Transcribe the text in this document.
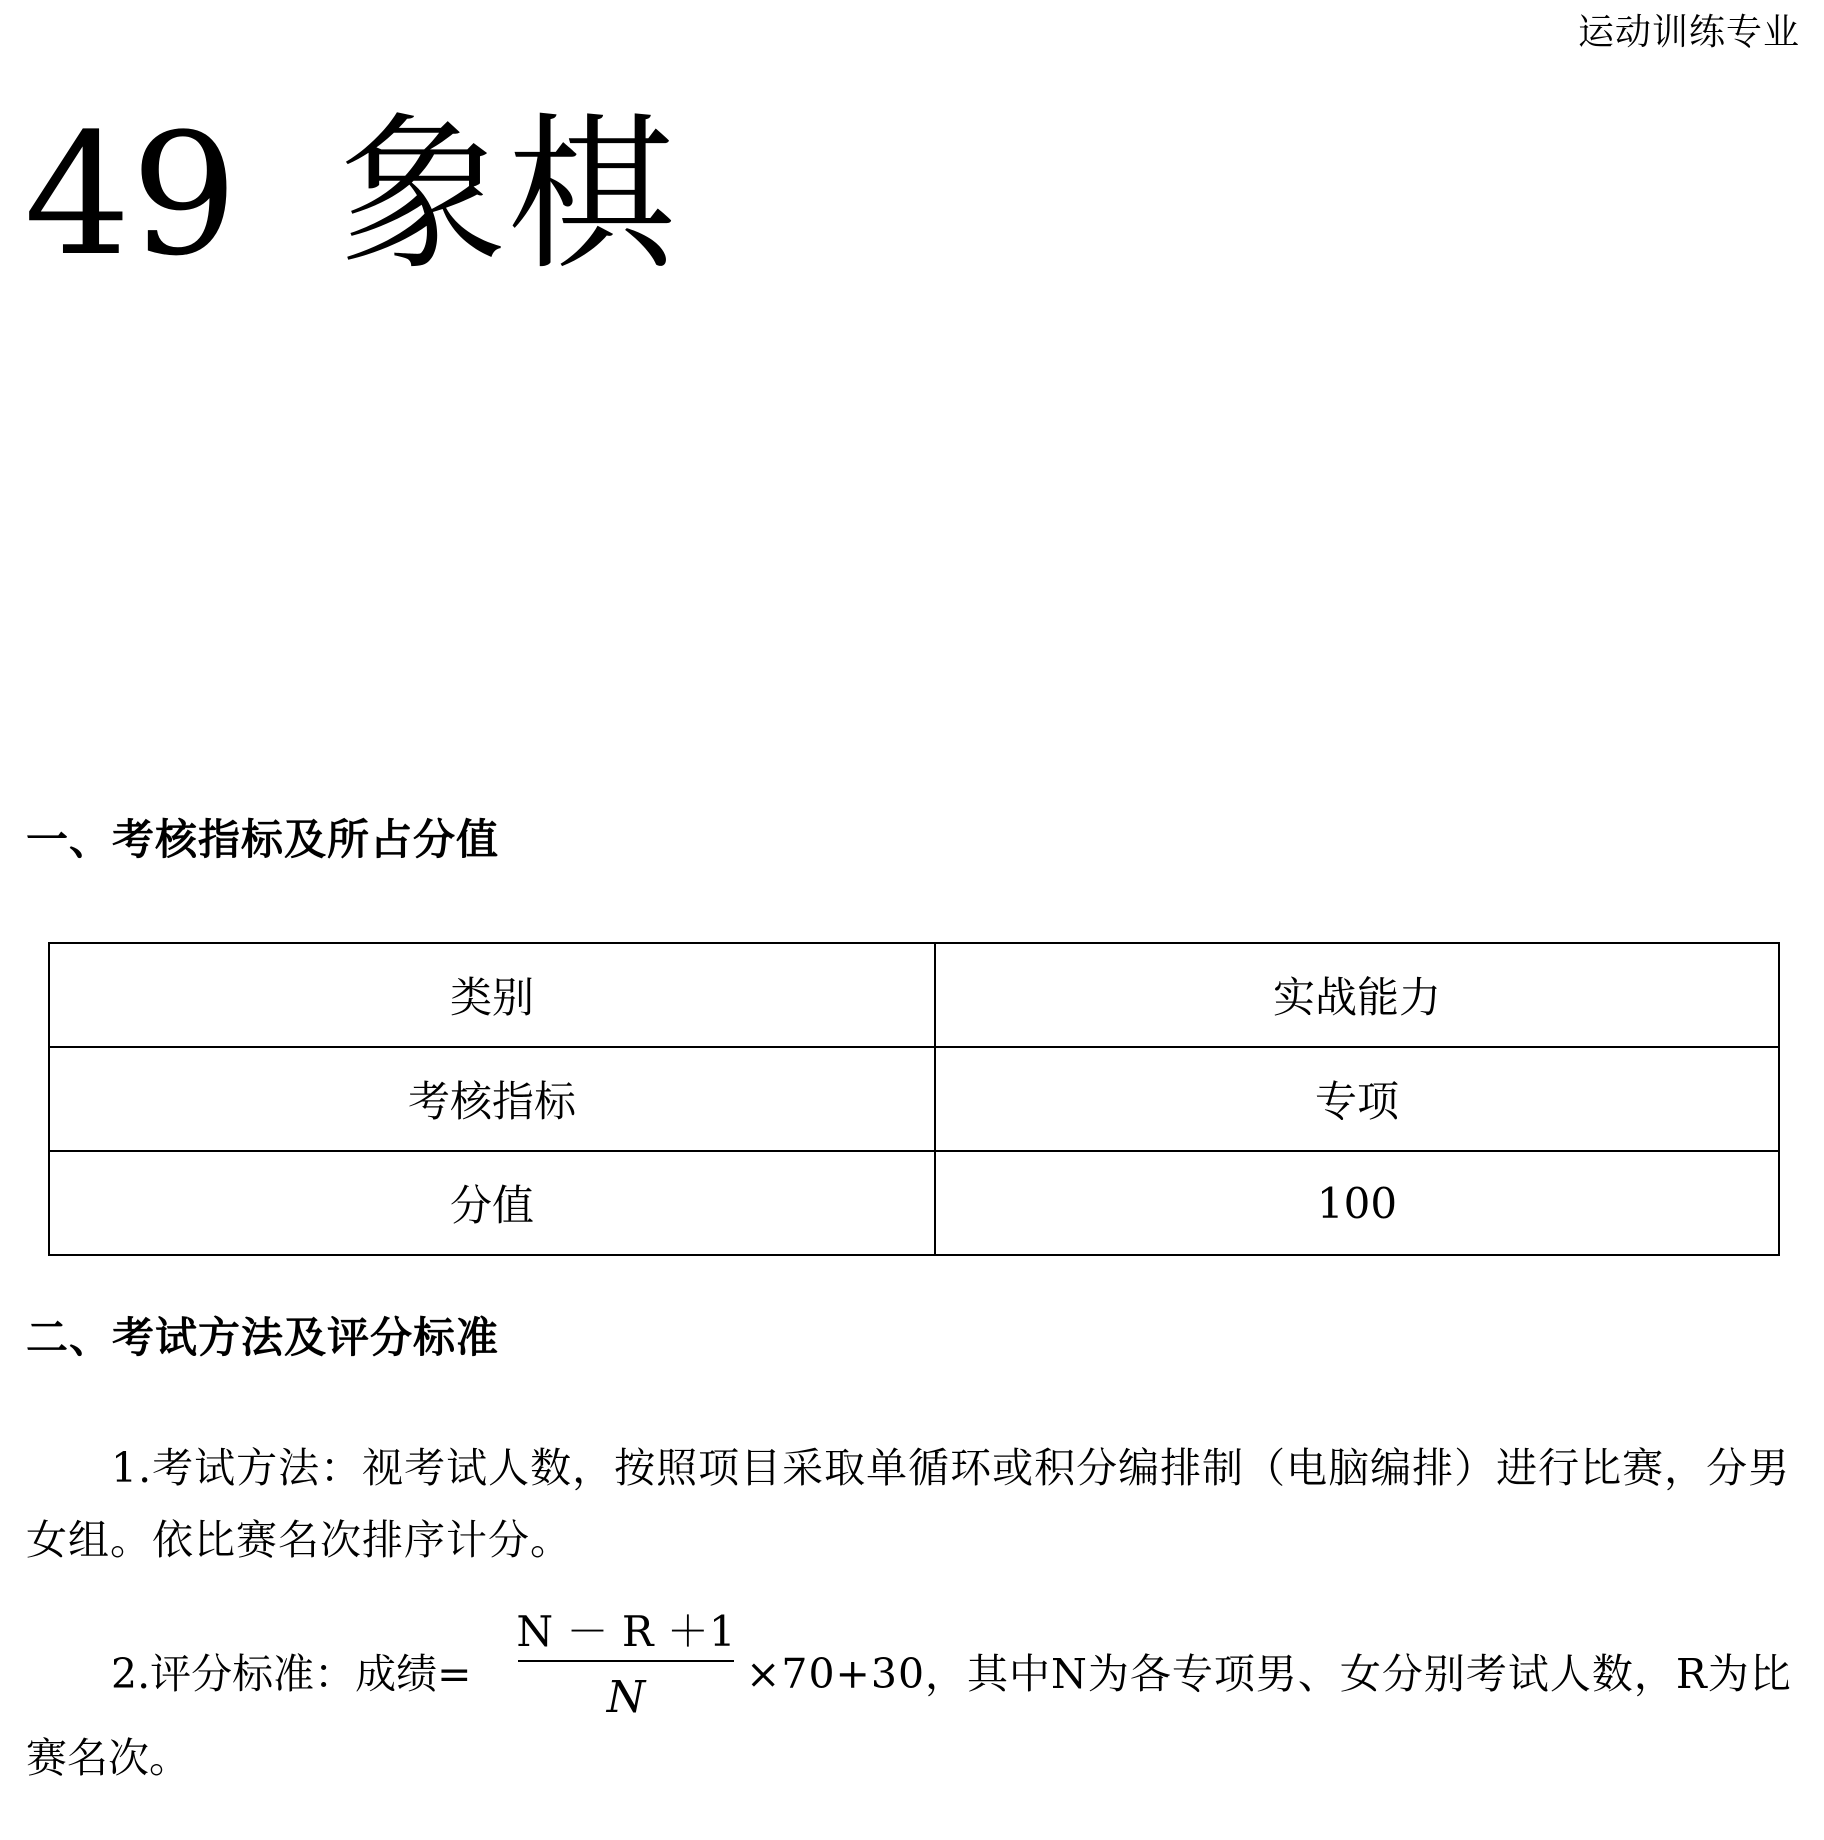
运动训练专业
49 象棋
一、考核指标及所占分值
类别	实战能力
考核指标	专项
分值	100
二、考试方法及评分标准
1.考试方法：视考试人数，按照项目采取单循环或积分编排制（电脑编排）进行比赛，分男女组。依比赛名次排序计分。
2.评分标准：成绩=
N － R ＋1
N	×70+30，其中N为各专项男、女分别考试人数，R为比
赛名次。
